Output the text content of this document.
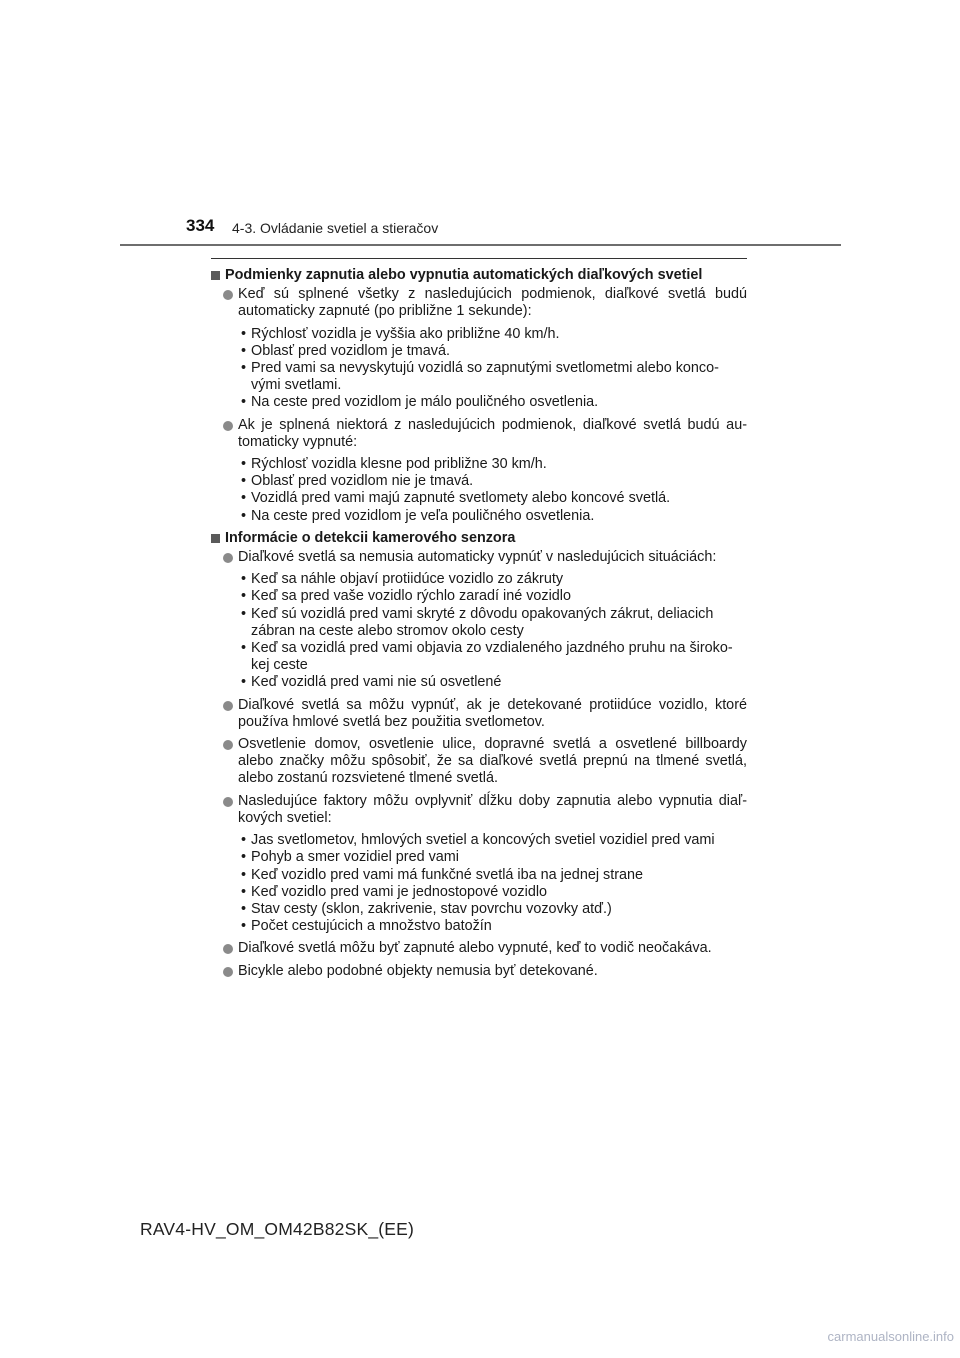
334 4-3. Ovládanie svetiel a stieračov
Podmienky zapnutia alebo vypnutia automatických diaľkových svetiel
Keď sú splnené všetky z nasledujúcich podmienok, diaľkové svetlá budú automaticky zapnuté (po približne 1 sekunde):
• Rýchlosť vozidla je vyššia ako približne 40 km/h.
• Oblasť pred vozidlom je tmavá.
• Pred vami sa nevyskytujú vozidlá so zapnutými svetlometmi alebo konco-vými svetlami.
• Na ceste pred vozidlom je málo pouličného osvetlenia.
Ak je splnená niektorá z nasledujúcich podmienok, diaľkové svetlá budú au-tomaticky vypnuté:
• Rýchlosť vozidla klesne pod približne 30 km/h.
• Oblasť pred vozidlom nie je tmavá.
• Vozidlá pred vami majú zapnuté svetlomety alebo koncové svetlá.
• Na ceste pred vozidlom je veľa pouličného osvetlenia.
Informácie o detekcii kamerového senzora
Diaľkové svetlá sa nemusia automaticky vypnúť v nasledujúcich situáciách:
• Keď sa náhle objaví protiidúce vozidlo zo zákruty
• Keď sa pred vaše vozidlo rýchlo zaradí iné vozidlo
• Keď sú vozidlá pred vami skryté z dôvodu opakovaných zákrut, deliacich zábran na ceste alebo stromov okolo cesty
• Keď sa vozidlá pred vami objavia zo vzdialeného jazdného pruhu na široko-kej ceste
• Keď vozidlá pred vami nie sú osvetlené
Diaľkové svetlá sa môžu vypnúť, ak je detekované protiidúce vozidlo, ktoré používa hmlové svetlá bez použitia svetlometov.
Osvetlenie domov, osvetlenie ulice, dopravné svetlá a osvetlené billboardy alebo značky môžu spôsobiť, že sa diaľkové svetlá prepnú na tlmené svetlá, alebo zostanú rozsvietené tlmené svetlá.
Nasledujúce faktory môžu ovplyvniť dĺžku doby zapnutia alebo vypnutia diaľ-kových svetiel:
• Jas svetlometov, hmlových svetiel a koncových svetiel vozidiel pred vami
• Pohyb a smer vozidiel pred vami
• Keď vozidlo pred vami má funkčné svetlá iba na jednej strane
• Keď vozidlo pred vami je jednostopové vozidlo
• Stav cesty (sklon, zakrivenie, stav povrchu vozovky atď.)
• Počet cestujúcich a množstvo batožín
Diaľkové svetlá môžu byť zapnuté alebo vypnuté, keď to vodič neočakáva.
Bicykle alebo podobné objekty nemusia byť detekované.
RAV4-HV_OM_OM42B82SK_(EE)
carmanualsonline.info
